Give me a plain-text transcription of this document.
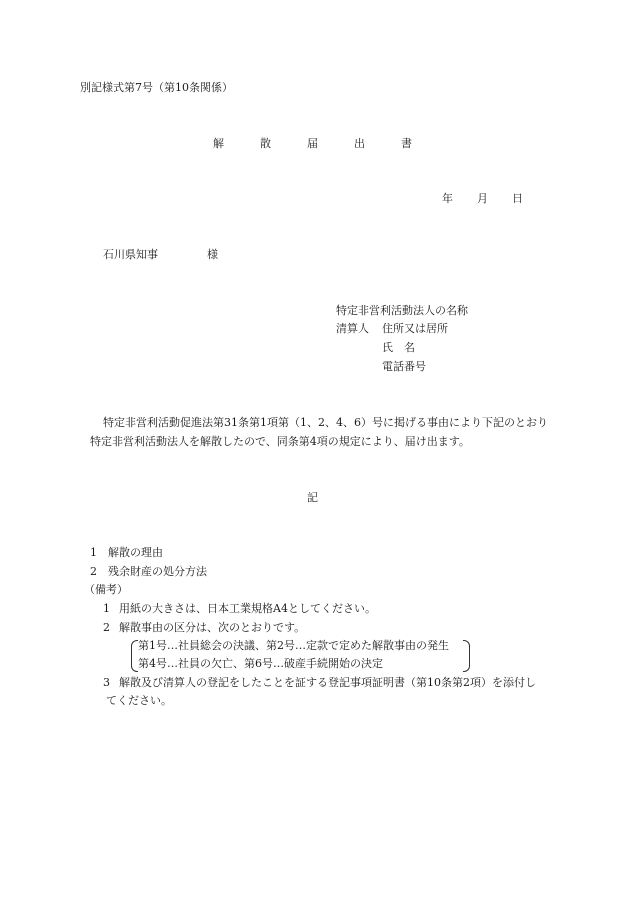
別記様式第7号（第10条関係）
解	散	届	出	書
年 月 日
石川県知事	様
特定非営利活動法人の名称
清算人 住所又は居所
氏　名
電話番号
特定非営利活動促進法第31条第1項第（1、2、4、6）号に掲げる事由により下記のとおり
特定非営利活動法人を解散したので、同条第4項の規定により、届け出ます。
記
1 解散の理由
2 残余財産の処分方法
（備考）
1 用紙の大きさは、日本工業規格A4としてください。
2 解散事由の区分は、次のとおりです。
第1号…社員総会の決議、第2号…定款で定めた解散事由の発生
第4号…社員の欠亡、第6号…破産手続開始の決定
3 解散及び清算人の登記をしたことを証する登記事項証明書（第10条第2項）を添付し
てください。
